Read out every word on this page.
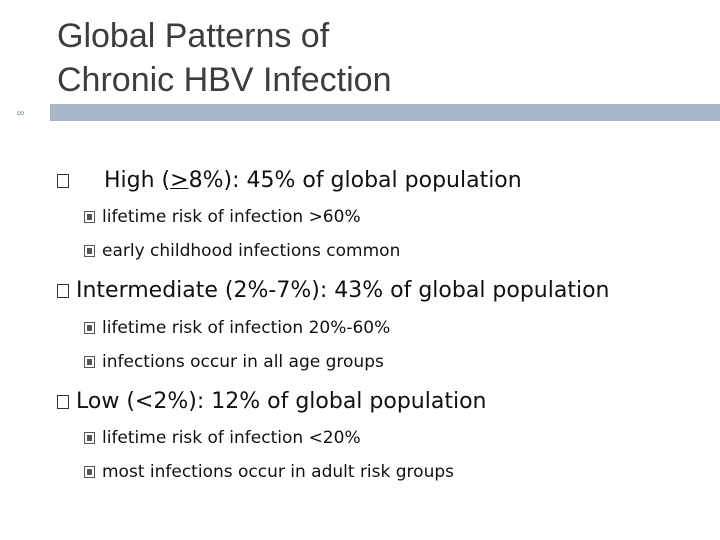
Global Patterns of
Chronic HBV Infection
∞
High (>8%): 45% of global population
lifetime risk of infection >60%
early childhood infections common
Intermediate (2%-7%): 43% of global population
lifetime risk of infection 20%-60%
infections occur in all age groups
Low (<2%): 12% of global population
lifetime risk of infection <20%
most infections occur in adult risk groups
